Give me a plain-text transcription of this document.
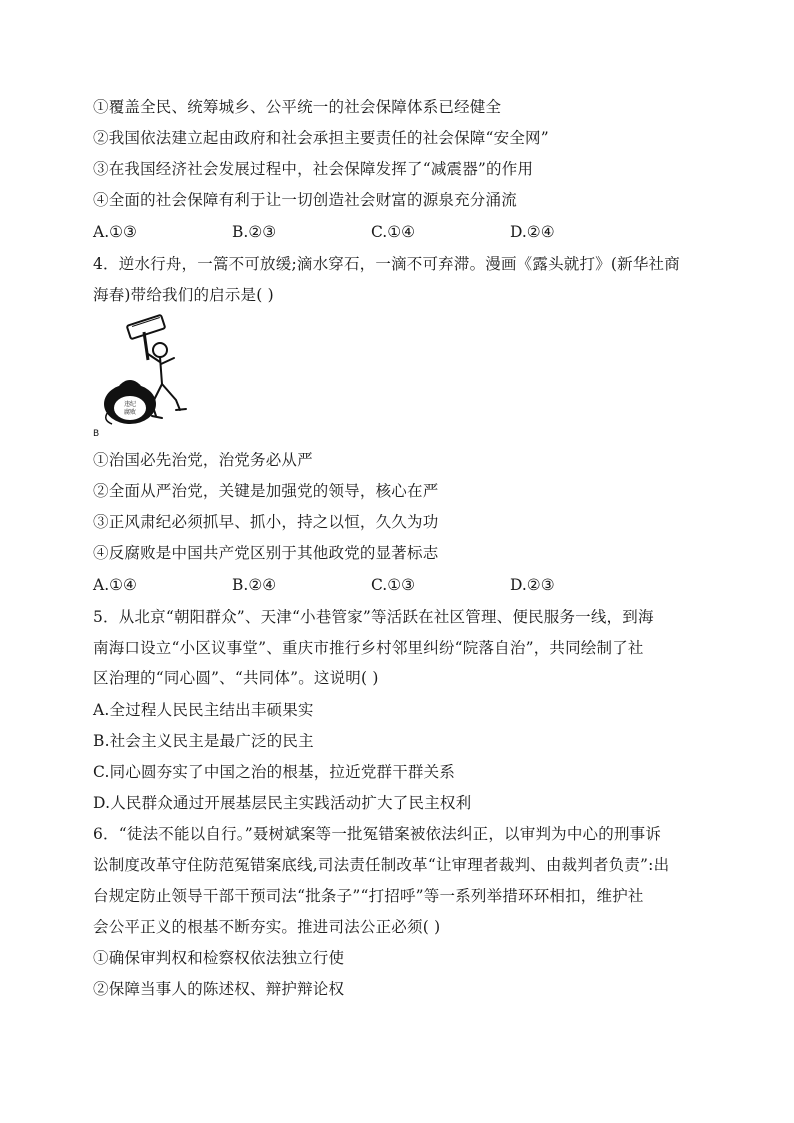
①覆盖全民、统筹城乡、公平统一的社会保障体系已经健全
②我国依法建立起由政府和社会承担主要责任的社会保障“安全网”
③在我国经济社会发展过程中，社会保障发挥了“减震器”的作用
④全面的社会保障有利于让一切创造社会财富的源泉充分涌流
A.①③	B.②③	C.①④	D.②④
4．逆水行舟，一篙不可放缓;滴水穿石，一滴不可弃滞。漫画《露头就打》(新华社商
海春)带给我们的启示是( )
违纪
腐败
B
①治国必先治党，治党务必从严
②全面从严治党，关键是加强党的领导，核心在严
③正风肃纪必须抓早、抓小，持之以恒，久久为功
④反腐败是中国共产党区别于其他政党的显著标志
A.①④	B.②④	C.①③	D.②③
5．从北京“朝阳群众”、天津“小巷管家”等活跃在社区管理、便民服务一线，到海
南海口设立“小区议事堂”、重庆市推行乡村邻里纠纷“院落自治”，共同绘制了社
区治理的“同心圆”、“共同体”。这说明( )
A.全过程人民民主结出丰硕果实
B.社会主义民主是最广泛的民主
C.同心圆夯实了中国之治的根基，拉近党群干群关系
D.人民群众通过开展基层民主实践活动扩大了民主权利
6．“徒法不能以自行。”聂树斌案等一批冤错案被依法纠正，以审判为中心的刑事诉
讼制度改革守住防范冤错案底线,司法责任制改革“让审理者裁判、由裁判者负责”:出
台规定防止领导干部干预司法“批条子”“打招呼”等一系列举措环环相扣，维护社
会公平正义的根基不断夯实。推进司法公正必须( )
①确保审判权和检察权依法独立行使
②保障当事人的陈述权、辩护辩论权
